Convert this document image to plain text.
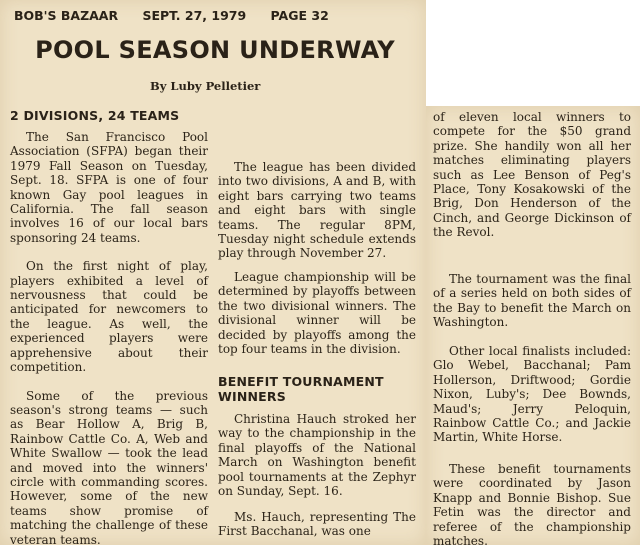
BOB'S BAZAAR SEPT. 27, 1979 PAGE 32
POOL SEASON UNDERWAY
By Luby Pelletier
2 DIVISIONS, 24 TEAMS

The San Francisco Pool Association (SFPA) began their 1979 Fall Season on Tuesday, Sept. 18. SFPA is one of four known Gay pool leagues in California. The fall season involves 16 of our local bars sponsoring 24 teams.

On the first night of play, players exhibited a level of nervousness that could be anticipated for newcomers to the league. As well, the experienced players were apprehensive about their competition.

Some of the previous season's strong teams — such as Bear Hollow A, Brig B, Rainbow Cattle Co. A, Web and White Swallow — took the lead and moved into the winners' circle with commanding scores. However, some of the new teams show promise of matching the challenge of these veteran teams.

The league has been divided into two divisions, A and B, with eight bars carrying two teams and eight bars with single teams. The regular 8PM, Tuesday night schedule extends play through November 27.

League championship will be determined by playoffs between the two divisional winners. The divisional winner will be decided by playoffs among the top four teams in the division.

BENEFIT TOURNAMENT WINNERS

Christina Hauch stroked her way to the championship in the final playoffs of the National March on Washington benefit pool tournaments at the Zephyr on Sunday, Sept. 16.

Ms. Hauch, representing The First Bacchanal, was one

of eleven local winners to compete for the $50 grand prize. She handily won all her matches eliminating players such as Lee Benson of Peg's Place, Tony Kosakowski of the Brig, Don Henderson of the Cinch, and George Dickinson of the Revol.

The tournament was the final of a series held on both sides of the Bay to benefit the March on Washington.

Other local finalists included: Glo Webel, Bacchanal; Pam Hollerson, Driftwood; Gordie Nixon, Luby's; Dee Bownds, Maud's; Jerry Peloquin, Rainbow Cattle Co.; and Jackie Martin, White Horse.

These benefit tournaments were coordinated by Jason Knapp and Bonnie Bishop. Sue Fetin was the director and referee of the championship matches.
